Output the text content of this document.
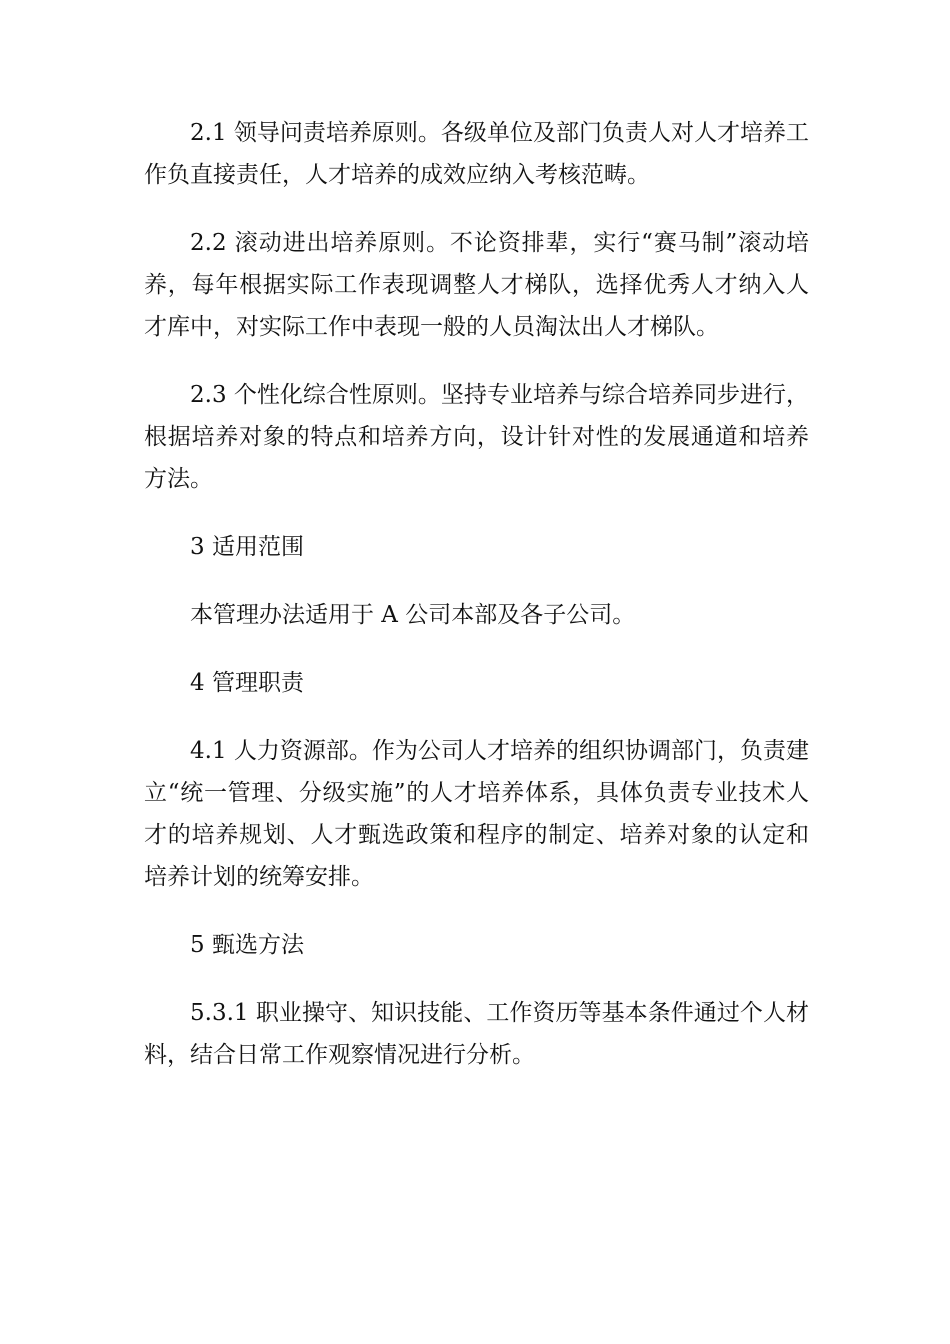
2.1 领导问责培养原则。各级单位及部门负责人对人才培养工作负直接责任，人才培养的成效应纳入考核范畴。

2.2 滚动进出培养原则。不论资排辈，实行“赛马制”滚动培养，每年根据实际工作表现调整人才梯队，选择优秀人才纳入人才库中，对实际工作中表现一般的人员淘汰出人才梯队。

2.3 个性化综合性原则。坚持专业培养与综合培养同步进行，根据培养对象的特点和培养方向，设计针对性的发展通道和培养方法。

3 适用范围

本管理办法适用于 A 公司本部及各子公司。

4 管理职责

4.1 人力资源部。作为公司人才培养的组织协调部门，负责建立“统一管理、分级实施”的人才培养体系，具体负责专业技术人才的培养规划、人才甄选政策和程序的制定、培养对象的认定和培养计划的统筹安排。

5 甄选方法

5.3.1 职业操守、知识技能、工作资历等基本条件通过个人材料，结合日常工作观察情况进行分析。
